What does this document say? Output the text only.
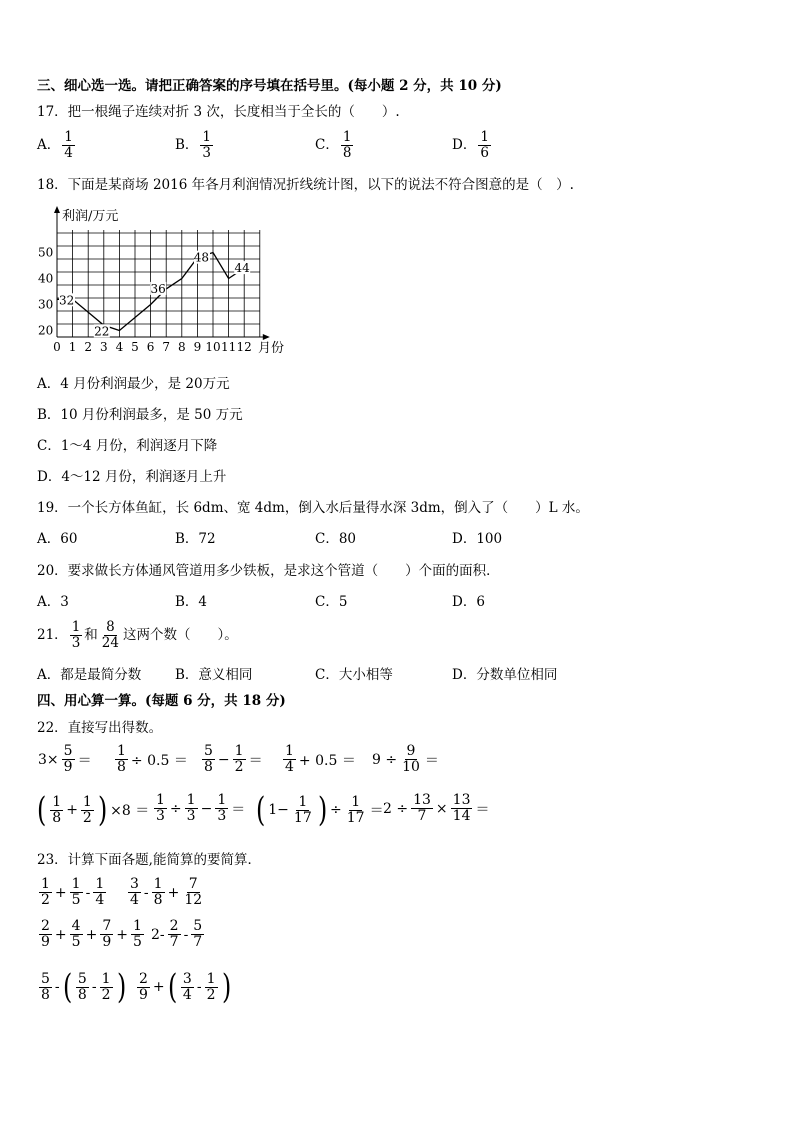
三、细心选一选。请把正确答案的序号填在括号里。(每小题 2 分，共 10 分)
17．把一根绳子连续对折 3 次，长度相当于全长的（　　）.
A． $\frac{1}{4}$	B． $\frac{1}{3}$	C． $\frac{1}{8}$	D． $\frac{1}{6}$
18．下面是某商场 2016 年各月利润情况折线统计图，以下的说法不符合图意的是（　）.
0 1 2 3 4 5 6 7 8 9 10 11 12
20
30
40
50
32
22
36
48
44
利润/万元
月份
A．4 月份利润最少，是 20万元
B．10 月份利润最多，是 50 万元
C．1～4 月份，利润逐月下降
D．4～12 月份，利润逐月上升
19．一个长方体鱼缸，长 6dm、宽 4dm，倒入水后量得水深 3dm，倒入了（　　）L 水。
A．60	B．72	C．80	D．100
20．要求做长方体通风管道用多少铁板，是求这个管道（　　）个面的面积．
A．3	B．4	C．5	D．6
21． $\frac{1}{3}$ 和 $\frac{8}{24}$ 这两个数（　　）。
A．都是最简分数	B．意义相同	C．大小相等	D．分数单位相同
四、用心算一算。(每题 6 分，共 18 分)
22．直接写出得数。
$3\times \frac{5}{9} = \frac{1}{8} \div 0.5$ ＝
5
$8 - \frac{1}{2}$ ＝
1
$4 + 0.5 = 9 \div \frac{9}{10}$ ＝
( 1
$8 + \frac{1}{2}$ ) $\times 8 = \frac{1}{3} \div \frac{1}{3} - \frac{1}{3}$ ＝ ( $1- \frac{1}{17}$ ) ÷ $\frac{1}{17} = 2 \div \frac{13}{7} \times \frac{13}{14}$ ＝
23．计算下面各题,能简算的要简算．
1
$2 + \frac{1}{5}$ -
1
4
3
4 -
1
$8 + \frac{7}{12}$
2
$9 + \frac{4}{5} + \frac{7}{9} + \frac{1}{5} 2-$
2
7 -
5
7
5
8 - ( 5
8 -
1
2 ) 2
9 + ( 3
4 -
1
2 )
